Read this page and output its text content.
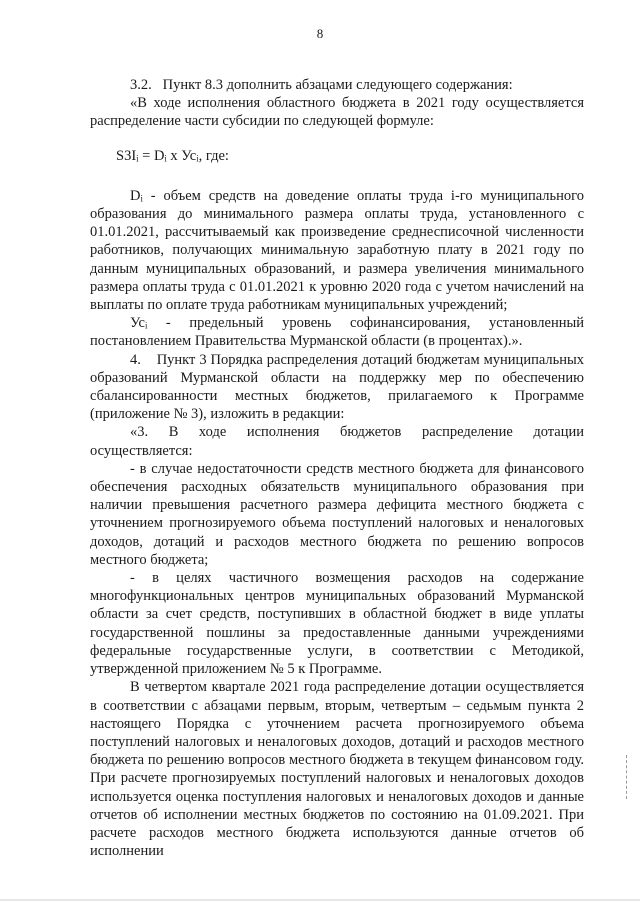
8

3.2.   Пункт 8.3 дополнить абзацами следующего содержания:

«В ходе исполнения областного бюджета в 2021 году осуществляется распределение части субсидии по следующей формуле:

S3Iᵢ = Dᵢ x Усᵢ, где:

Dᵢ - объем средств на доведение оплаты труда i-го муниципального образования до минимального размера оплаты труда, установленного с 01.01.2021, рассчитываемый как произведение среднесписочной численности работников, получающих минимальную заработную плату в 2021 году по данным муниципальных образований, и размера увеличения минимального размера оплаты труда с 01.01.2021 к уровню 2020 года с учетом начислений на выплаты по оплате труда работникам муниципальных учреждений;

Усᵢ - предельный уровень софинансирования, установленный постановлением Правительства Мурманской области (в процентах).».

4.    Пункт 3 Порядка распределения дотаций бюджетам муниципальных образований Мурманской области на поддержку мер по обеспечению сбалансированности местных бюджетов, прилагаемого к Программе (приложение № 3), изложить в редакции:

«3. В ходе исполнения бюджетов распределение дотации осуществляется:

- в случае недостаточности средств местного бюджета для финансового обеспечения расходных обязательств муниципального образования при наличии превышения расчетного размера дефицита местного бюджета с уточнением прогнозируемого объема поступлений налоговых и неналоговых доходов, дотаций и расходов местного бюджета по решению вопросов местного бюджета;

- в целях частичного возмещения расходов на содержание многофункциональных центров муниципальных образований Мурманской области за счет средств, поступивших в областной бюджет в виде уплаты государственной пошлины за предоставленные данными учреждениями федеральные государственные услуги, в соответствии с Методикой, утвержденной приложением № 5 к Программе.

В четвертом квартале 2021 года распределение дотации осуществляется в соответствии с абзацами первым, вторым, четвертым – седьмым пункта 2 настоящего Порядка с уточнением расчета прогнозируемого объема поступлений налоговых и неналоговых доходов, дотаций и расходов местного бюджета по решению вопросов местного бюджета в текущем финансовом году. При расчете прогнозируемых поступлений налоговых и неналоговых доходов используется оценка поступления налоговых и неналоговых доходов и данные отчетов об исполнении местных бюджетов по состоянию на 01.09.2021. При расчете расходов местного бюджета используются данные отчетов об исполнении
